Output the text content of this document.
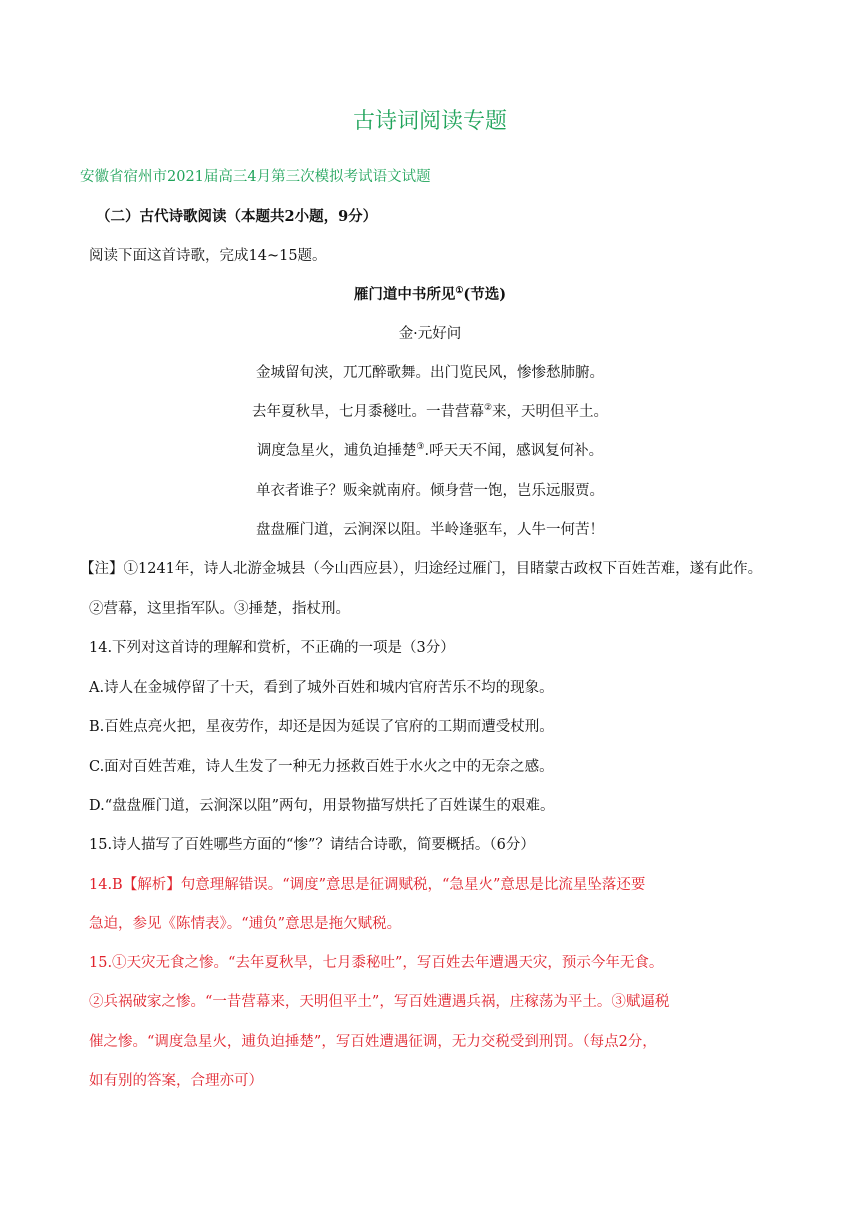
古诗词阅读专题
安徽省宿州市2021届高三4月第三次模拟考试语文试题
（二）古代诗歌阅读（本题共2小题，9分）
阅读下面这首诗歌，完成14~15题。
雁门道中书所见①(节选)
金·元好问
金城留旬浃，兀兀醉歌舞。出门览民风，惨惨愁肺腑。
去年夏秋旱，七月黍穟吐。一昔营幕②来，天明但平土。
调度急星火，逋负迫捶楚③.呼天天不闻，感讽复何补。
单衣者谁子？贩籴就南府。倾身营一饱，岂乐远服贾。
盘盘雁门道，云涧深以阻。半岭逢驱车，人牛一何苦！
【注】①1241年，诗人北游金城县（今山西应县），归途经过雁门，目睹蒙古政权下百姓苦难，遂有此作。
②营幕，这里指军队。③捶楚，指杖刑。
14.下列对这首诗的理解和赏析，不正确的一项是（3分）
A.诗人在金城停留了十天，看到了城外百姓和城内官府苦乐不均的现象。
B.百姓点亮火把，星夜劳作，却还是因为延误了官府的工期而遭受杖刑。
C.面对百姓苦难，诗人生发了一种无力拯救百姓于水火之中的无奈之感。
D.“盘盘雁门道，云涧深以阻”两句，用景物描写烘托了百姓谋生的艰难。
15.诗人描写了百姓哪些方面的“惨”？请结合诗歌，简要概括。（6分）
14.B【解析】句意理解错误。“调度”意思是征调赋税，“急星火”意思是比流星坠落还要
急迫，参见《陈情表》。“逋负”意思是拖欠赋税。
15.①天灾无食之惨。“去年夏秋旱，七月黍秘吐”，写百姓去年遭遇天灾，预示今年无食。
②兵祸破家之惨。“一昔营幕来，天明但平土”，写百姓遭遇兵祸，庄稼荡为平土。③赋逼税
催之惨。“调度急星火，逋负迫捶楚”，写百姓遭遇征调，无力交税受到刑罚。（每点2分，
如有别的答案，合理亦可）
